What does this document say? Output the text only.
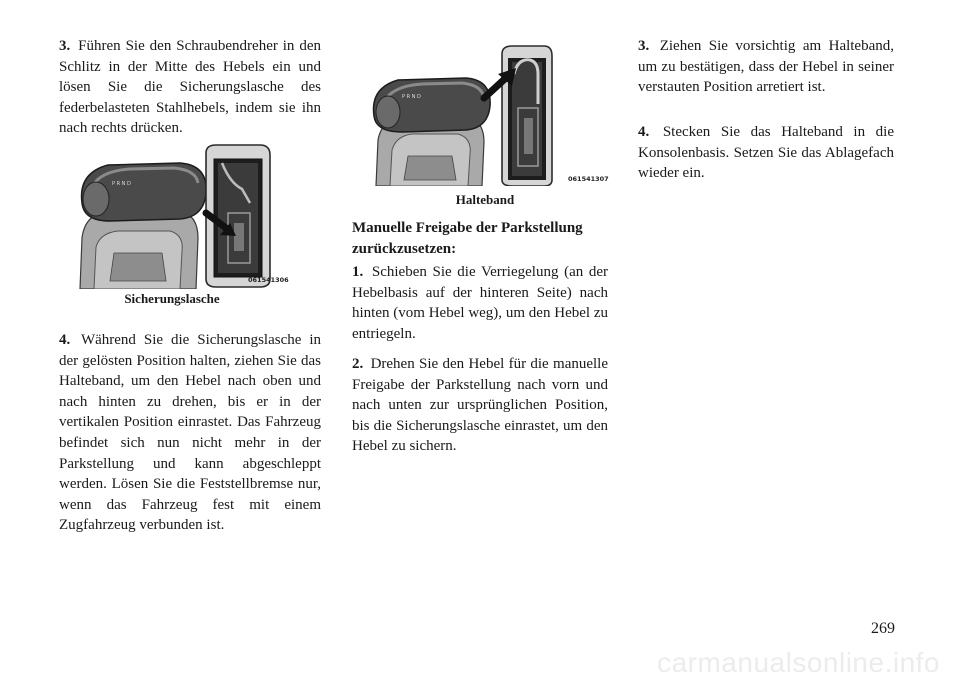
3. Führen Sie den Schraubendreher in den Schlitz in der Mitte des Hebels ein und lösen Sie die Sicherungslasche des federbelasteten Stahlhebels, indem sie ihn nach rechts drücken.

4. Während Sie die Sicherungslasche in der gelösten Position halten, ziehen Sie das Halteband, um den Hebel nach oben und nach hinten zu drehen, bis er in der vertikalen Position einrastet. Das Fahrzeug befindet sich nun nicht mehr in der Parkstellung und kann abgeschleppt werden. Lösen Sie die Feststellbremse nur, wenn das Fahrzeug fest mit einem Zugfahrzeug verbunden ist.

P R N D
061541306
Sicherungslasche
Manuelle Freigabe der Parkstellung zurückzusetzen:

1. Schieben Sie die Verriegelung (an der Hebelbasis auf der hinteren Seite) nach hinten (vom Hebel weg), um den Hebel zu entriegeln.

2. Drehen Sie den Hebel für die manuelle Freigabe der Parkstellung nach vorn und nach unten zur ursprünglichen Position, bis die Sicherungslasche einrastet, um den Hebel zu sichern.

P R N D
061541307
Halteband

3. Ziehen Sie vorsichtig am Halteband, um zu bestätigen, dass der Hebel in seiner verstauten Position arretiert ist.

4. Stecken Sie das Halteband in die Konsolenbasis. Setzen Sie das Ablagefach wieder ein.

269
carmanualsonline.info
